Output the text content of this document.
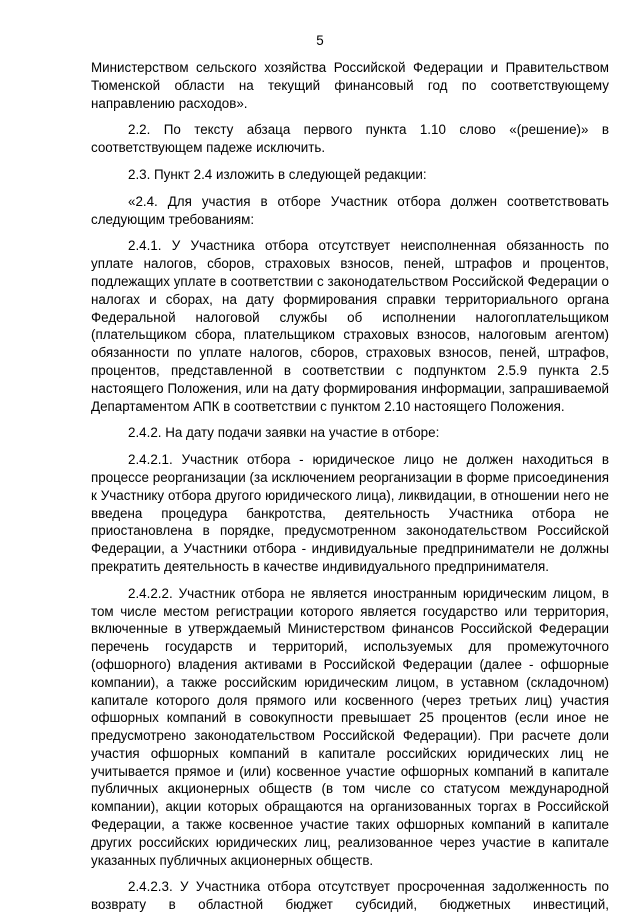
5

Министерством сельского хозяйства Российской Федерации и Правительством Тюменской области на текущий финансовый год по соответствующему направлению расходов».

2.2. По тексту абзаца первого пункта 1.10 слово «(решение)» в соответствующем падеже исключить.

2.3. Пункт 2.4 изложить в следующей редакции:

«2.4. Для участия в отборе Участник отбора должен соответствовать следующим требованиям:

2.4.1. У Участника отбора отсутствует неисполненная обязанность по уплате налогов, сборов, страховых взносов, пеней, штрафов и процентов, подлежащих уплате в соответствии с законодательством Российской Федерации о налогах и сборах, на дату формирования справки территориального органа Федеральной налоговой службы об исполнении налогоплательщиком (плательщиком сбора, плательщиком страховых взносов, налоговым агентом) обязанности по уплате налогов, сборов, страховых взносов, пеней, штрафов, процентов, представленной в соответствии с подпунктом 2.5.9 пункта 2.5 настоящего Положения, или на дату формирования информации, запрашиваемой Департаментом АПК в соответствии с пунктом 2.10 настоящего Положения.

2.4.2. На дату подачи заявки на участие в отборе:

2.4.2.1. Участник отбора - юридическое лицо не должен находиться в процессе реорганизации (за исключением реорганизации в форме присоединения к Участнику отбора другого юридического лица), ликвидации, в отношении него не введена процедура банкротства, деятельность Участника отбора не приостановлена в порядке, предусмотренном законодательством Российской Федерации, а Участники отбора - индивидуальные предприниматели не должны прекратить деятельность в качестве индивидуального предпринимателя.

2.4.2.2. Участник отбора не является иностранным юридическим лицом, в том числе местом регистрации которого является государство или территория, включенные в утверждаемый Министерством финансов Российской Федерации перечень государств и территорий, используемых для промежуточного (офшорного) владения активами в Российской Федерации (далее - офшорные компании), а также российским юридическим лицом, в уставном (складочном) капитале которого доля прямого или косвенного (через третьих лиц) участия офшорных компаний в совокупности превышает 25 процентов (если иное не предусмотрено законодательством Российской Федерации). При расчете доли участия офшорных компаний в капитале российских юридических лиц не учитывается прямое и (или) косвенное участие офшорных компаний в капитале публичных акционерных обществ (в том числе со статусом международной компании), акции которых обращаются на организованных торгах в Российской Федерации, а также косвенное участие таких офшорных компаний в капитале других российских юридических лиц, реализованное через участие в капитале указанных публичных акционерных обществ.

2.4.2.3. У Участника отбора отсутствует просроченная задолженность по возврату в областной бюджет субсидий, бюджетных инвестиций,
